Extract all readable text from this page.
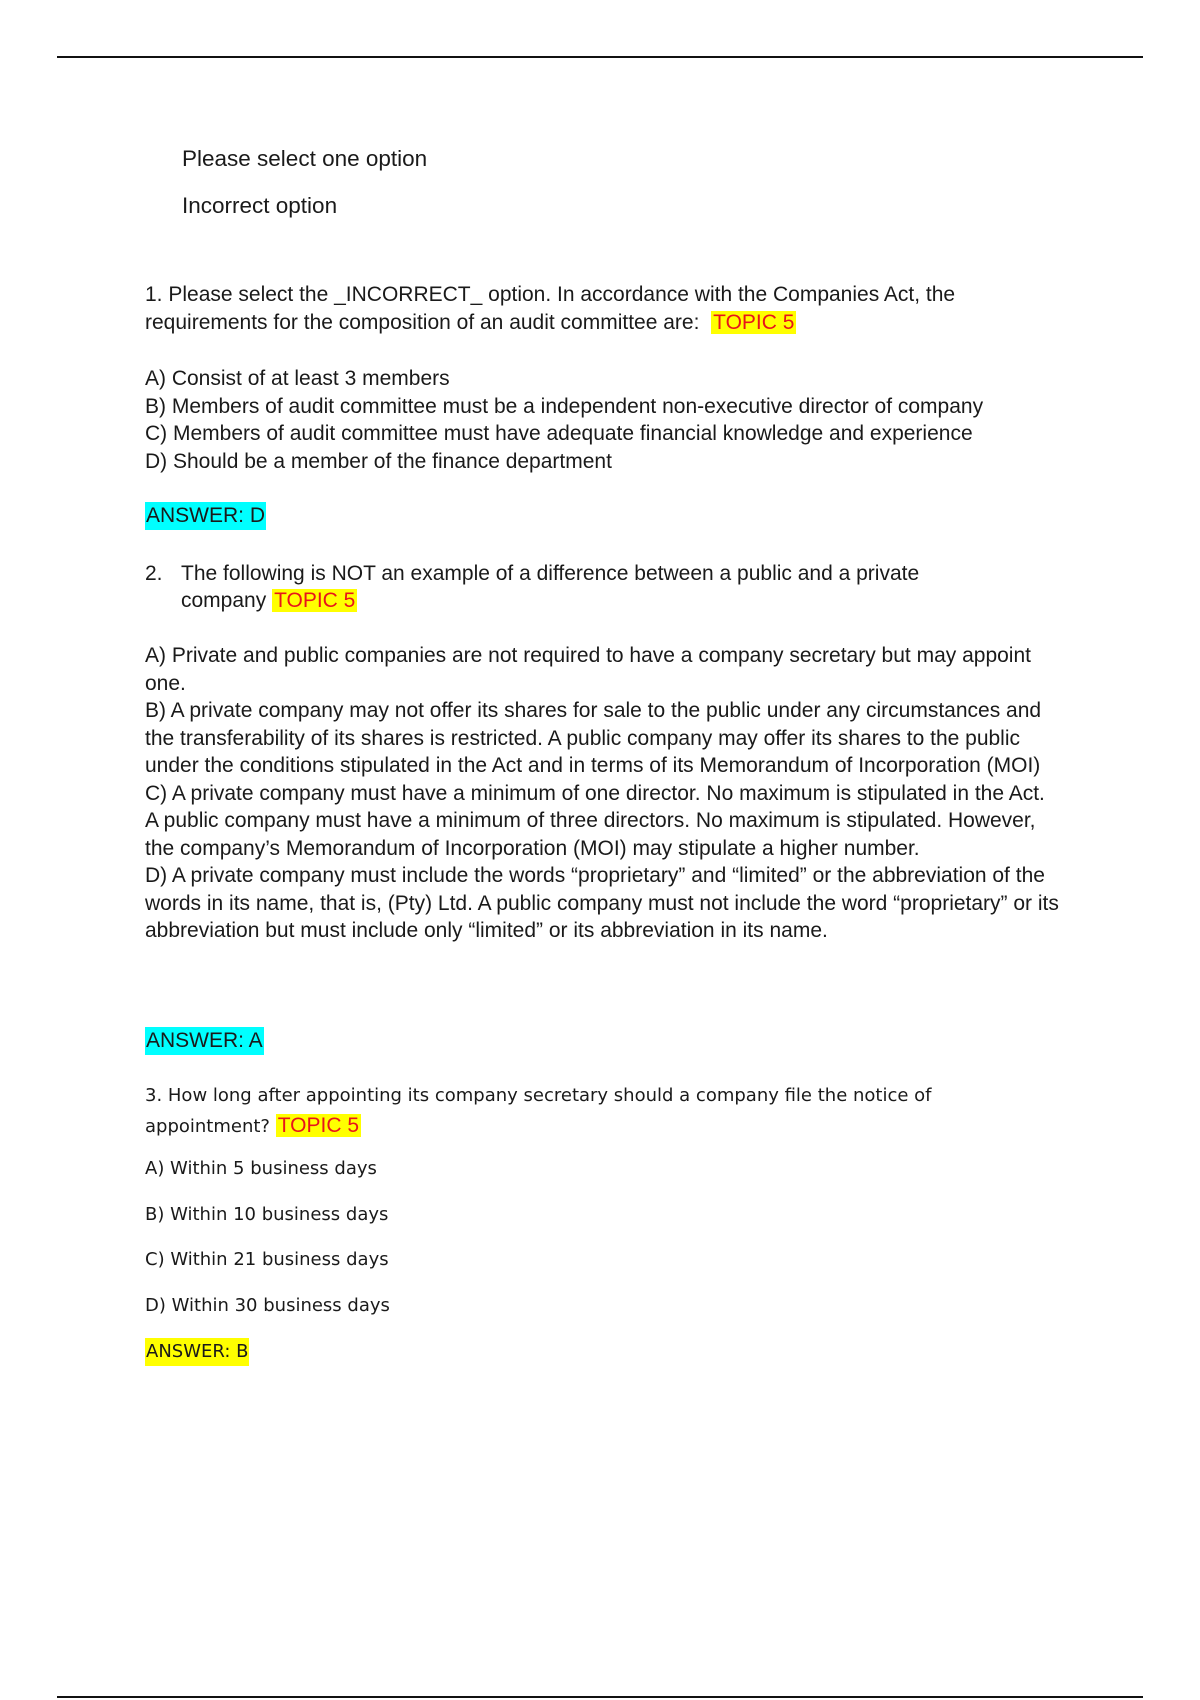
Please select one option
Incorrect option
1. Please select the _INCORRECT_ option. In accordance with the Companies Act, the
requirements for the composition of an audit committee are: TOPIC 5
A) Consist of at least 3 members
B) Members of audit committee must be a independent non-executive director of company
C) Members of audit committee must have adequate financial knowledge and experience
D) Should be a member of the finance department
ANSWER: D
2. The following is NOT an example of a difference between a public and a private
company TOPIC 5

A) Private and public companies are not required to have a company secretary but may appoint one.

B) A private company may not offer its shares for sale to the public under any circumstances and the transferability of its shares is restricted. A public company may offer its shares to the public under the conditions stipulated in the Act and in terms of its Memorandum of Incorporation (MOI)

C) A private company must have a minimum of one director. No maximum is stipulated in the Act. A public company must have a minimum of three directors. No maximum is stipulated. However, the company’s Memorandum of Incorporation (MOI) may stipulate a higher number.

D) A private company must include the words “proprietary” and “limited” or the abbreviation of the words in its name, that is, (Pty) Ltd. A public company must not include the word “proprietary” or its abbreviation but must include only “limited” or its abbreviation in its name.

ANSWER: A
3. How long after appointing its company secretary should a company file the notice of
appointment? TOPIC 5
A) Within 5 business days
B) Within 10 business days
C) Within 21 business days
D) Within 30 business days
ANSWER: B
